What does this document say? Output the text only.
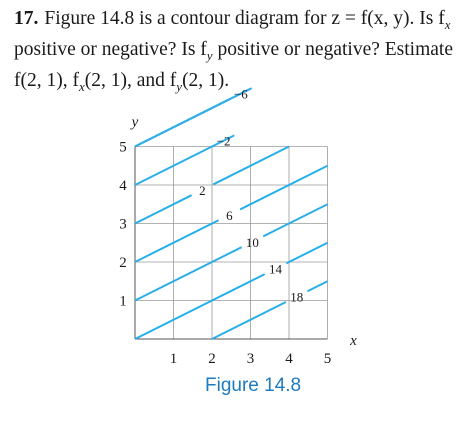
17. Figure 14.8 is a contour diagram for z = f(x, y). Is $f_x$
positive or negative? Is $f_y$ positive or negative? Estimate
f(2, 1), $f_x(2$, 1), and $f_y(2$, 1).
−6
−2
2
6
10
14
18
1 2 3 4 5
1
2
3
4
5
x
y
Figure 14.8
